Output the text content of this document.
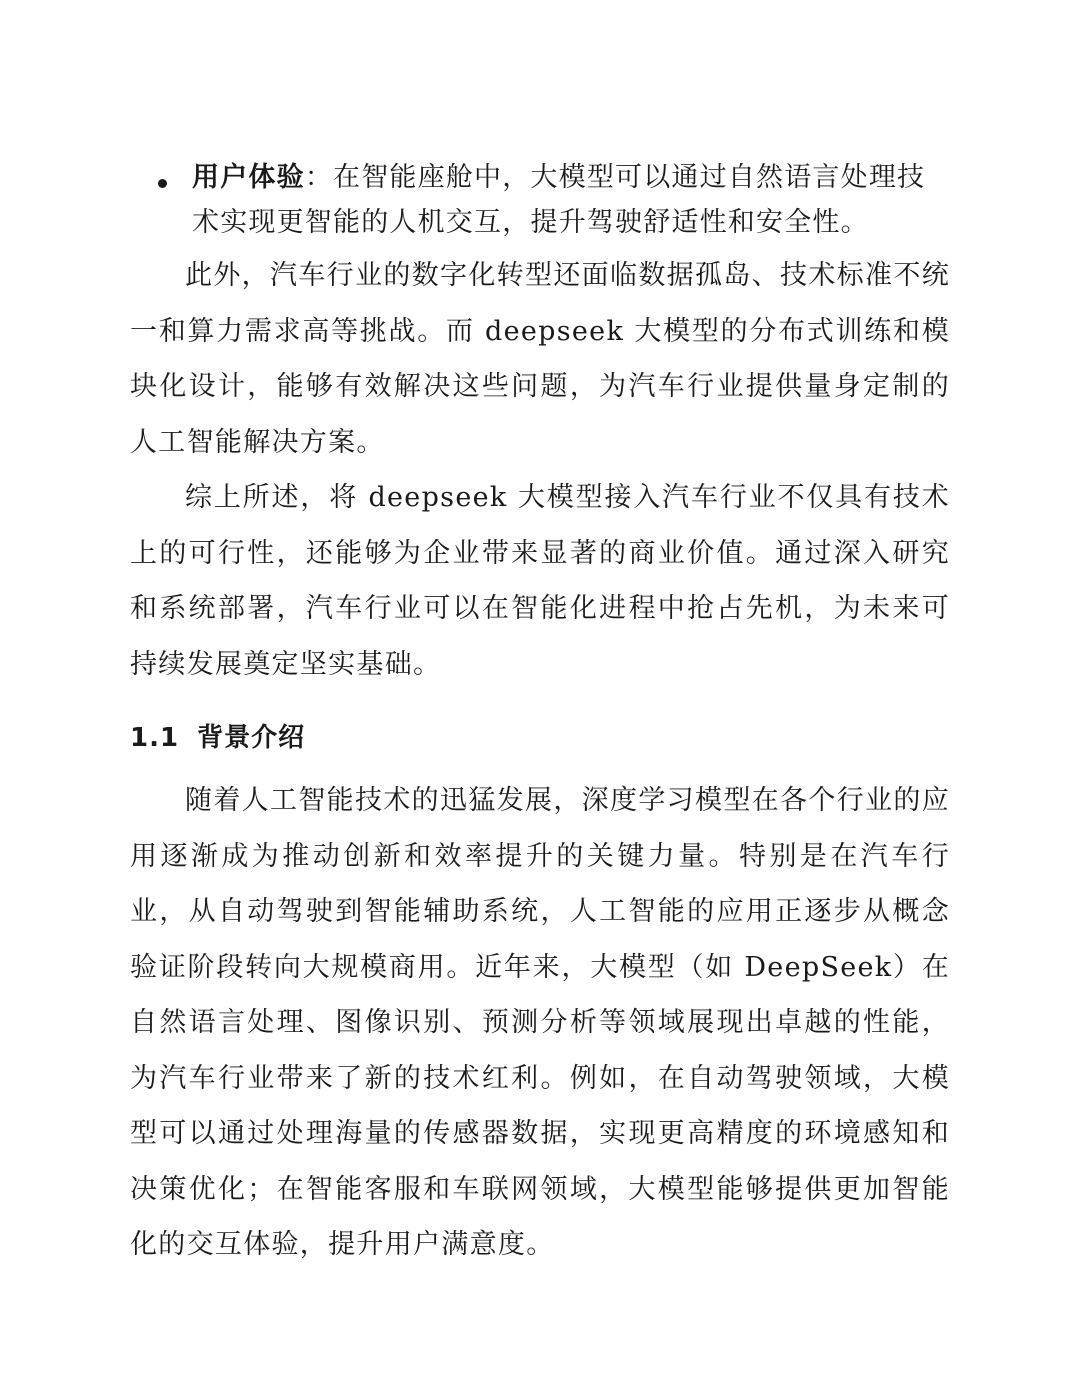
用户体验：在智能座舱中，大模型可以通过自然语言处理技术实现更智能的人机交互，提升驾驶舒适性和安全性。

此外，汽车行业的数字化转型还面临数据孤岛、技术标准不统一和算力需求高等挑战。而 deepseek 大模型的分布式训练和模块化设计，能够有效解决这些问题，为汽车行业提供量身定制的人工智能解决方案。

综上所述，将 deepseek 大模型接入汽车行业不仅具有技术上的可行性，还能够为企业带来显著的商业价值。通过深入研究和系统部署，汽车行业可以在智能化进程中抢占先机，为未来可持续发展奠定坚实基础。

1.1 背景介绍

随着人工智能技术的迅猛发展，深度学习模型在各个行业的应用逐渐成为推动创新和效率提升的关键力量。特别是在汽车行业，从自动驾驶到智能辅助系统，人工智能的应用正逐步从概念验证阶段转向大规模商用。近年来，大模型（如 DeepSeek）在自然语言处理、图像识别、预测分析等领域展现出卓越的性能，为汽车行业带来了新的技术红利。例如，在自动驾驶领域，大模型可以通过处理海量的传感器数据，实现更高精度的环境感知和决策优化；在智能客服和车联网领域，大模型能够提供更加智能化的交互体验，提升用户满意度。
